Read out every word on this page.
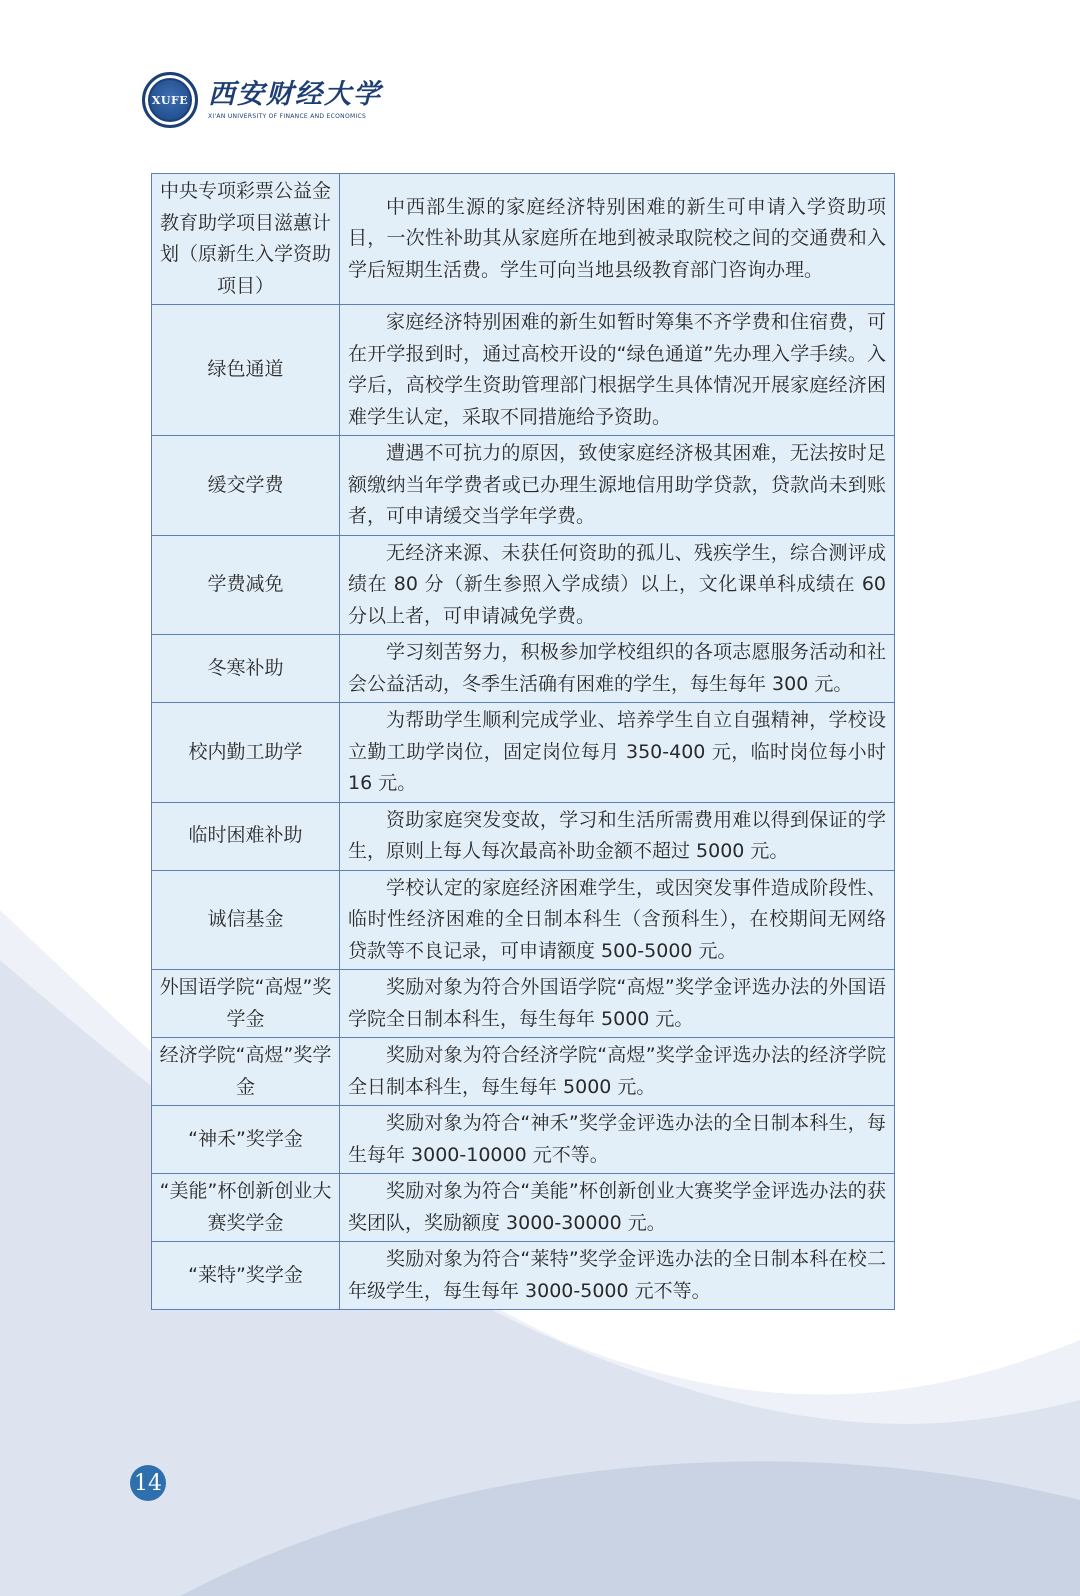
XUFE 西安财经大学
XI'AN UNIVERSITY OF FINANCE AND ECONOMICS
中央专项彩票公益金教育助学项目滋蕙计划（原新生入学资助项目）	中西部生源的家庭经济特别困难的新生可申请入学资助项目，一次性补助其从家庭所在地到被录取院校之间的交通费和入学后短期生活费。学生可向当地县级教育部门咨询办理。
绿色通道	家庭经济特别困难的新生如暂时筹集不齐学费和住宿费，可在开学报到时，通过高校开设的“绿色通道”先办理入学手续。入学后，高校学生资助管理部门根据学生具体情况开展家庭经济困难学生认定，采取不同措施给予资助。
缓交学费	遭遇不可抗力的原因，致使家庭经济极其困难，无法按时足额缴纳当年学费者或已办理生源地信用助学贷款，贷款尚未到账者，可申请缓交当学年学费。
学费减免	无经济来源、未获任何资助的孤儿、残疾学生，综合测评成绩在 80 分（新生参照入学成绩）以上，文化课单科成绩在 60 分以上者，可申请减免学费。
冬寒补助	学习刻苦努力，积极参加学校组织的各项志愿服务活动和社会公益活动，冬季生活确有困难的学生，每生每年 300 元。
校内勤工助学	为帮助学生顺利完成学业、培养学生自立自强精神，学校设立勤工助学岗位，固定岗位每月 350-400 元，临时岗位每小时 16 元。
临时困难补助	资助家庭突发变故，学习和生活所需费用难以得到保证的学生，原则上每人每次最高补助金额不超过 5000 元。
诚信基金	学校认定的家庭经济困难学生，或因突发事件造成阶段性、临时性经济困难的全日制本科生（含预科生），在校期间无网络贷款等不良记录，可申请额度 500-5000 元。
外国语学院“高煜”奖学金	奖励对象为符合外国语学院“高煜”奖学金评选办法的外国语学院全日制本科生，每生每年 5000 元。
经济学院“高煜”奖学金	奖励对象为符合经济学院“高煜”奖学金评选办法的经济学院全日制本科生，每生每年 5000 元。
“神禾”奖学金	奖励对象为符合“神禾”奖学金评选办法的全日制本科生，每生每年 3000-10000 元不等。
“美能”杯创新创业大赛奖学金	奖励对象为符合“美能”杯创新创业大赛奖学金评选办法的获奖团队，奖励额度 3000-30000 元。
“莱特”奖学金	奖励对象为符合“莱特”奖学金评选办法的全日制本科在校二年级学生，每生每年 3000-5000 元不等。
14
